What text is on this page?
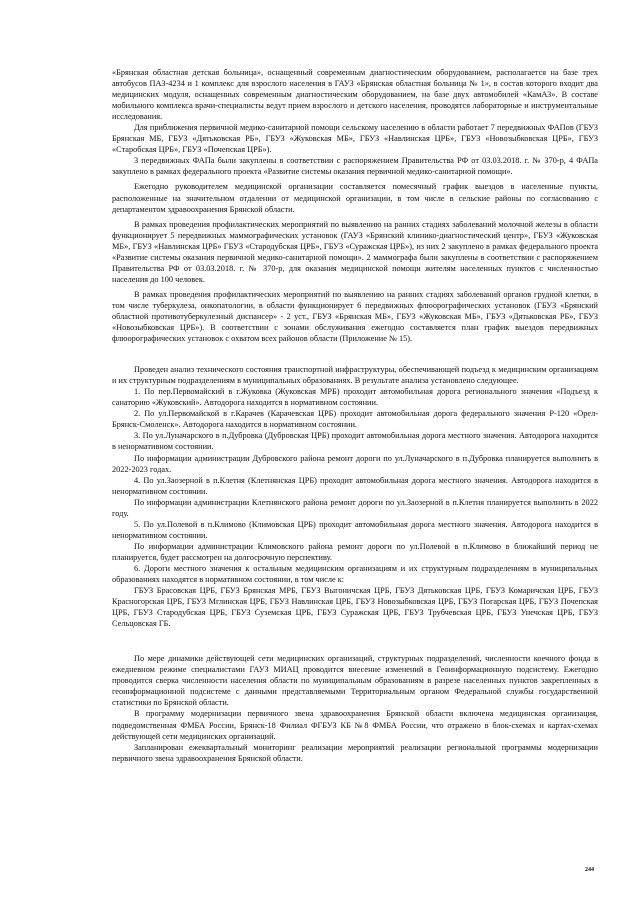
«Брянская областная детская больница», оснащенный современным диагностическим оборудованием, располагается на базе трех автобусов ПАЗ-4234 и 1 комплекс для взрослого населения в ГАУЗ «Брянская областная больница № 1», в состав которого входит два медицинских модуля, оснащенных современным диагностическим оборудованием, на базе двух автомобилей «КамАЗ». В составе мобильного комплекса врачи-специалисты ведут прием взрослого и детского населения, проводятся лабораторные и инструментальные исследования.

Для приближения первичной медико-санитарной помощи сельскому населению в области работает 7 передвижных ФАПов (ГБУЗ Брянская МБ, ГБУЗ «Дятьковская РБ», ГБУЗ «Жуковская МБ», ГБУЗ «Навлинская ЦРБ», ГБУЗ «Новозыбковская ЦРБ», ГБУЗ «Старобская ЦРБ», ГБУЗ «Почепская ЦРБ»).

3 передвижных ФАПа были закуплены в соответствии с распоряжением Правительства РФ от 03.03.2018. г. № 370-р, 4 ФАПа закуплено в рамках федерального проекта «Развитие системы оказания первичной медико-санитарной помощи».

Ежегодно руководителем медицинской организации составляется помесячный график выездов в населенные пункты, расположенные на значительном отдалении от медицинской организации, в том числе в сельские районы по согласованию с департаментом здравоохранения Брянской области.

В рамках проведения профилактических мероприятий по выявлению на ранних стадиях заболеваний молочной железы в области функционирует 5 передвижных маммографических установок (ГАУЗ «Брянский клинико-диагностический центр», ГБУЗ «Жуковская МБ», ГБУЗ «Навлинская ЦРБ» ГБУЗ «Стародубская ЦРБ», ГБУЗ «Суражская ЦРБ»), из них 2 закуплено в рамках федерального проекта «Развитие системы оказания первичной медико-санитарной помощи». 2 маммографа были закуплены в соответствии с распоряжением Правительства РФ от 03.03.2018. г. № 370-р, для оказания медицинской помощи жителям населенных пунктов с численностью населения до 100 человек.

В рамках проведения профилактических мероприятий по выявлению на ранних стадиях заболеваний органов грудной клетки, в том числе туберкулеза, онкопатологии, в области функционирует 6 передвижных флюорографических установок (ГБУЗ «Брянский областной противотуберкулезный диспансер» - 2 уст., ГБУЗ «Брянская МБ», ГБУЗ «Жуковская МБ», ГБУЗ «Дятьковская РБ», ГБУЗ «Новозыбковская ЦРБ»). В соответствии с зонами обслуживания ежегодно составляется план график выездов передвижных флюорографических установок с охватом всех районов области (Приложение № 15).

Проведен анализ технического состояния транспортной инфраструктуры, обеспечивающей подъезд к медицинским организациям и их структурным подразделениям в муниципальных образованиях. В результате анализа установлено следующее.

1. По пер.Первомайский в г.Жуковка (Жуковская МРБ) проходит автомобильная дорога регионального значения «Подъезд к санаторию «Жуковский». Автодорога находится в нормативном состоянии.

2. По ул.Первомайской в г.Карачев (Карачевская ЦРБ) проходит автомобильная дорога федерального значения Р-120 «Орел-Брянск-Смоленск». Автодорога находится в нормативном состоянии.

3. По ул.Луначарского в п.Дубровка (Дубровская ЦРБ) проходит автомобильная дорога местного значения. Автодорога находится в ненормативном состоянии.

По информации администрации Дубровского района ремонт дороги по ул.Луначарского в п.Дубровка планируется выполнить в 2022-2023 годах.

4. По ул.Заозерной в п.Клетня (Клетнянская ЦРБ) проходит автомобильная дорога местного значения. Автодорога находится в ненормативном состоянии.

По информации администрации Клетнянского района ремонт дороги по ул.Заозерной в п.Клетня планируется выполнить в 2022 году.

5. По ул.Полевой в п.Климово (Климовская ЦРБ) проходит автомобильная дорога местного значения. Автодорога находится в ненормативном состоянии.

По информации администрации Климовского района ремонт дороги по ул.Полевой в п.Климово в ближайший период не планируется, будет рассмотрен на долгосрочную перспективу.

6. Дороги местного значения к остальным медицинским организациям и их структурным подразделениям в муниципальных образованиях находятся в нормативном состоянии, в том числе к:

ГБУЗ Брасовская ЦРБ, ГБУЗ Брянская МРБ, ГБУЗ Выгоничская ЦРБ, ГБУЗ Дятьковская ЦРБ, ГБУЗ Комаричская ЦРБ, ГБУЗ Красногорская ЦРБ, ГБУЗ Мглинская ЦРБ, ГБУЗ Навлинская ЦРБ, ГБУЗ Новозыбковская ЦРБ, ГБУЗ Погарская ЦРБ, ГБУЗ Почепская ЦРБ, ГБУЗ Стародубская ЦРБ, ГБУЗ Суземская ЦРБ, ГБУЗ Суражская ЦРБ, ГБУЗ Трубчевская ЦРБ, ГБУЗ Унечская ЦРБ, ГБУЗ Сельцовская ГБ.

По мере динамики действующей сети медицинских организаций, структурных подразделений, численности коечного фонда в ежедневном режиме специалистами ГАУЗ МИАЦ проводится внесение изменений в Геоинформационную подсистему. Ежегодно проводится сверка численности населения области по муниципальным образованиям в разрезе населенных пунктов закрепленных в геоинформационной подсистеме с данными представляемыми Территориальным органом Федеральной службы государственной статистики по Брянской области.

В программу модернизации первичного звена здравоохранения Брянской области включена медицинская организация, подведомственная ФМБА России, Брянск-18 Филиал ФГБУЗ КБ №8 ФМБА России, что отражено в блок-схемах и картах-схемах действующей сети медицинских организаций.

Запланирован ежеквартальный мониторинг реализации мероприятий реализации региональной программы модернизации первичного звена здравоохранения Брянской области.

244
